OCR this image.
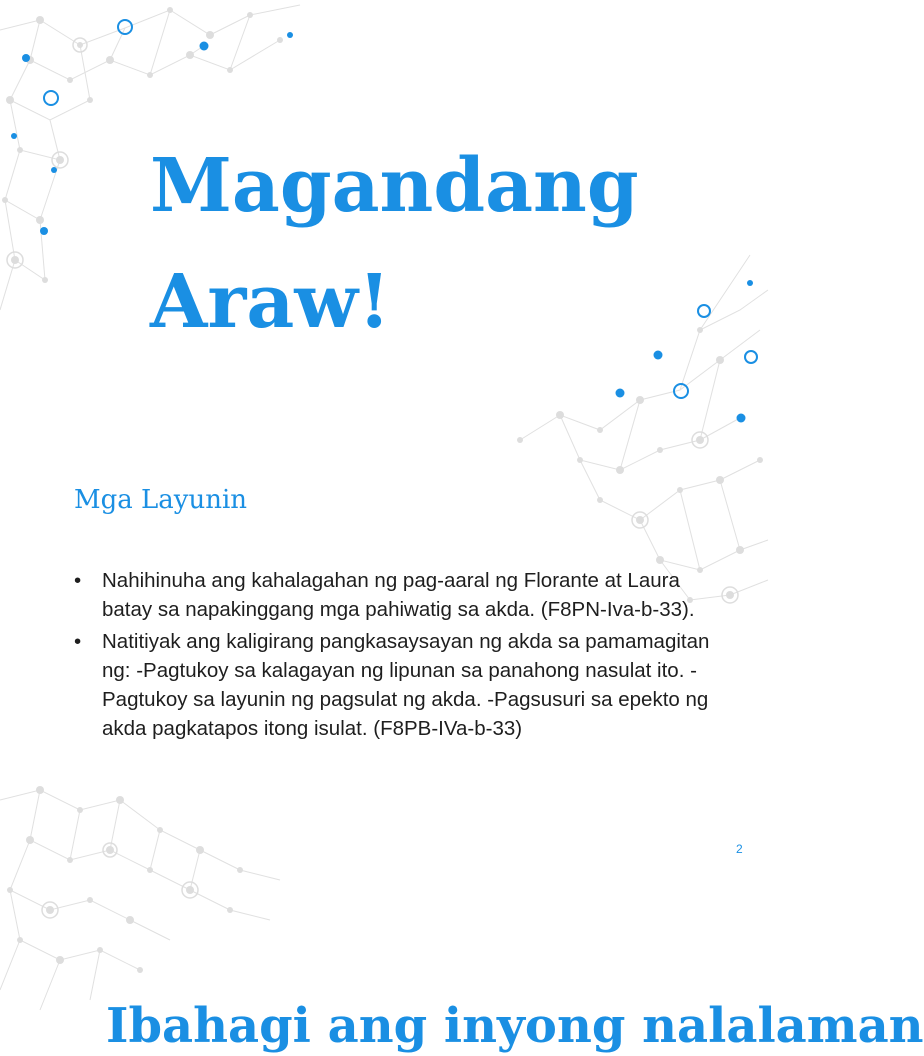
Magandang
Araw!
Mga Layunin
•	Nahihinuha ang kahalagahan ng pag-aaral ng Florante at Laura batay sa napakinggang mga pahiwatig sa akda. (F8PN-Iva-b-33).
•	Natitiyak ang kaligirang pangkasaysayan ng akda sa pamamagitan ng: -Pagtukoy sa kalagayan ng lipunan sa panahong nasulat ito. -Pagtukoy sa layunin ng pagsulat ng akda. -Pagsusuri sa epekto ng akda pagkatapos itong isulat. (F8PB-IVa-b-33)
2
Ibahagi ang inyong nalalaman
